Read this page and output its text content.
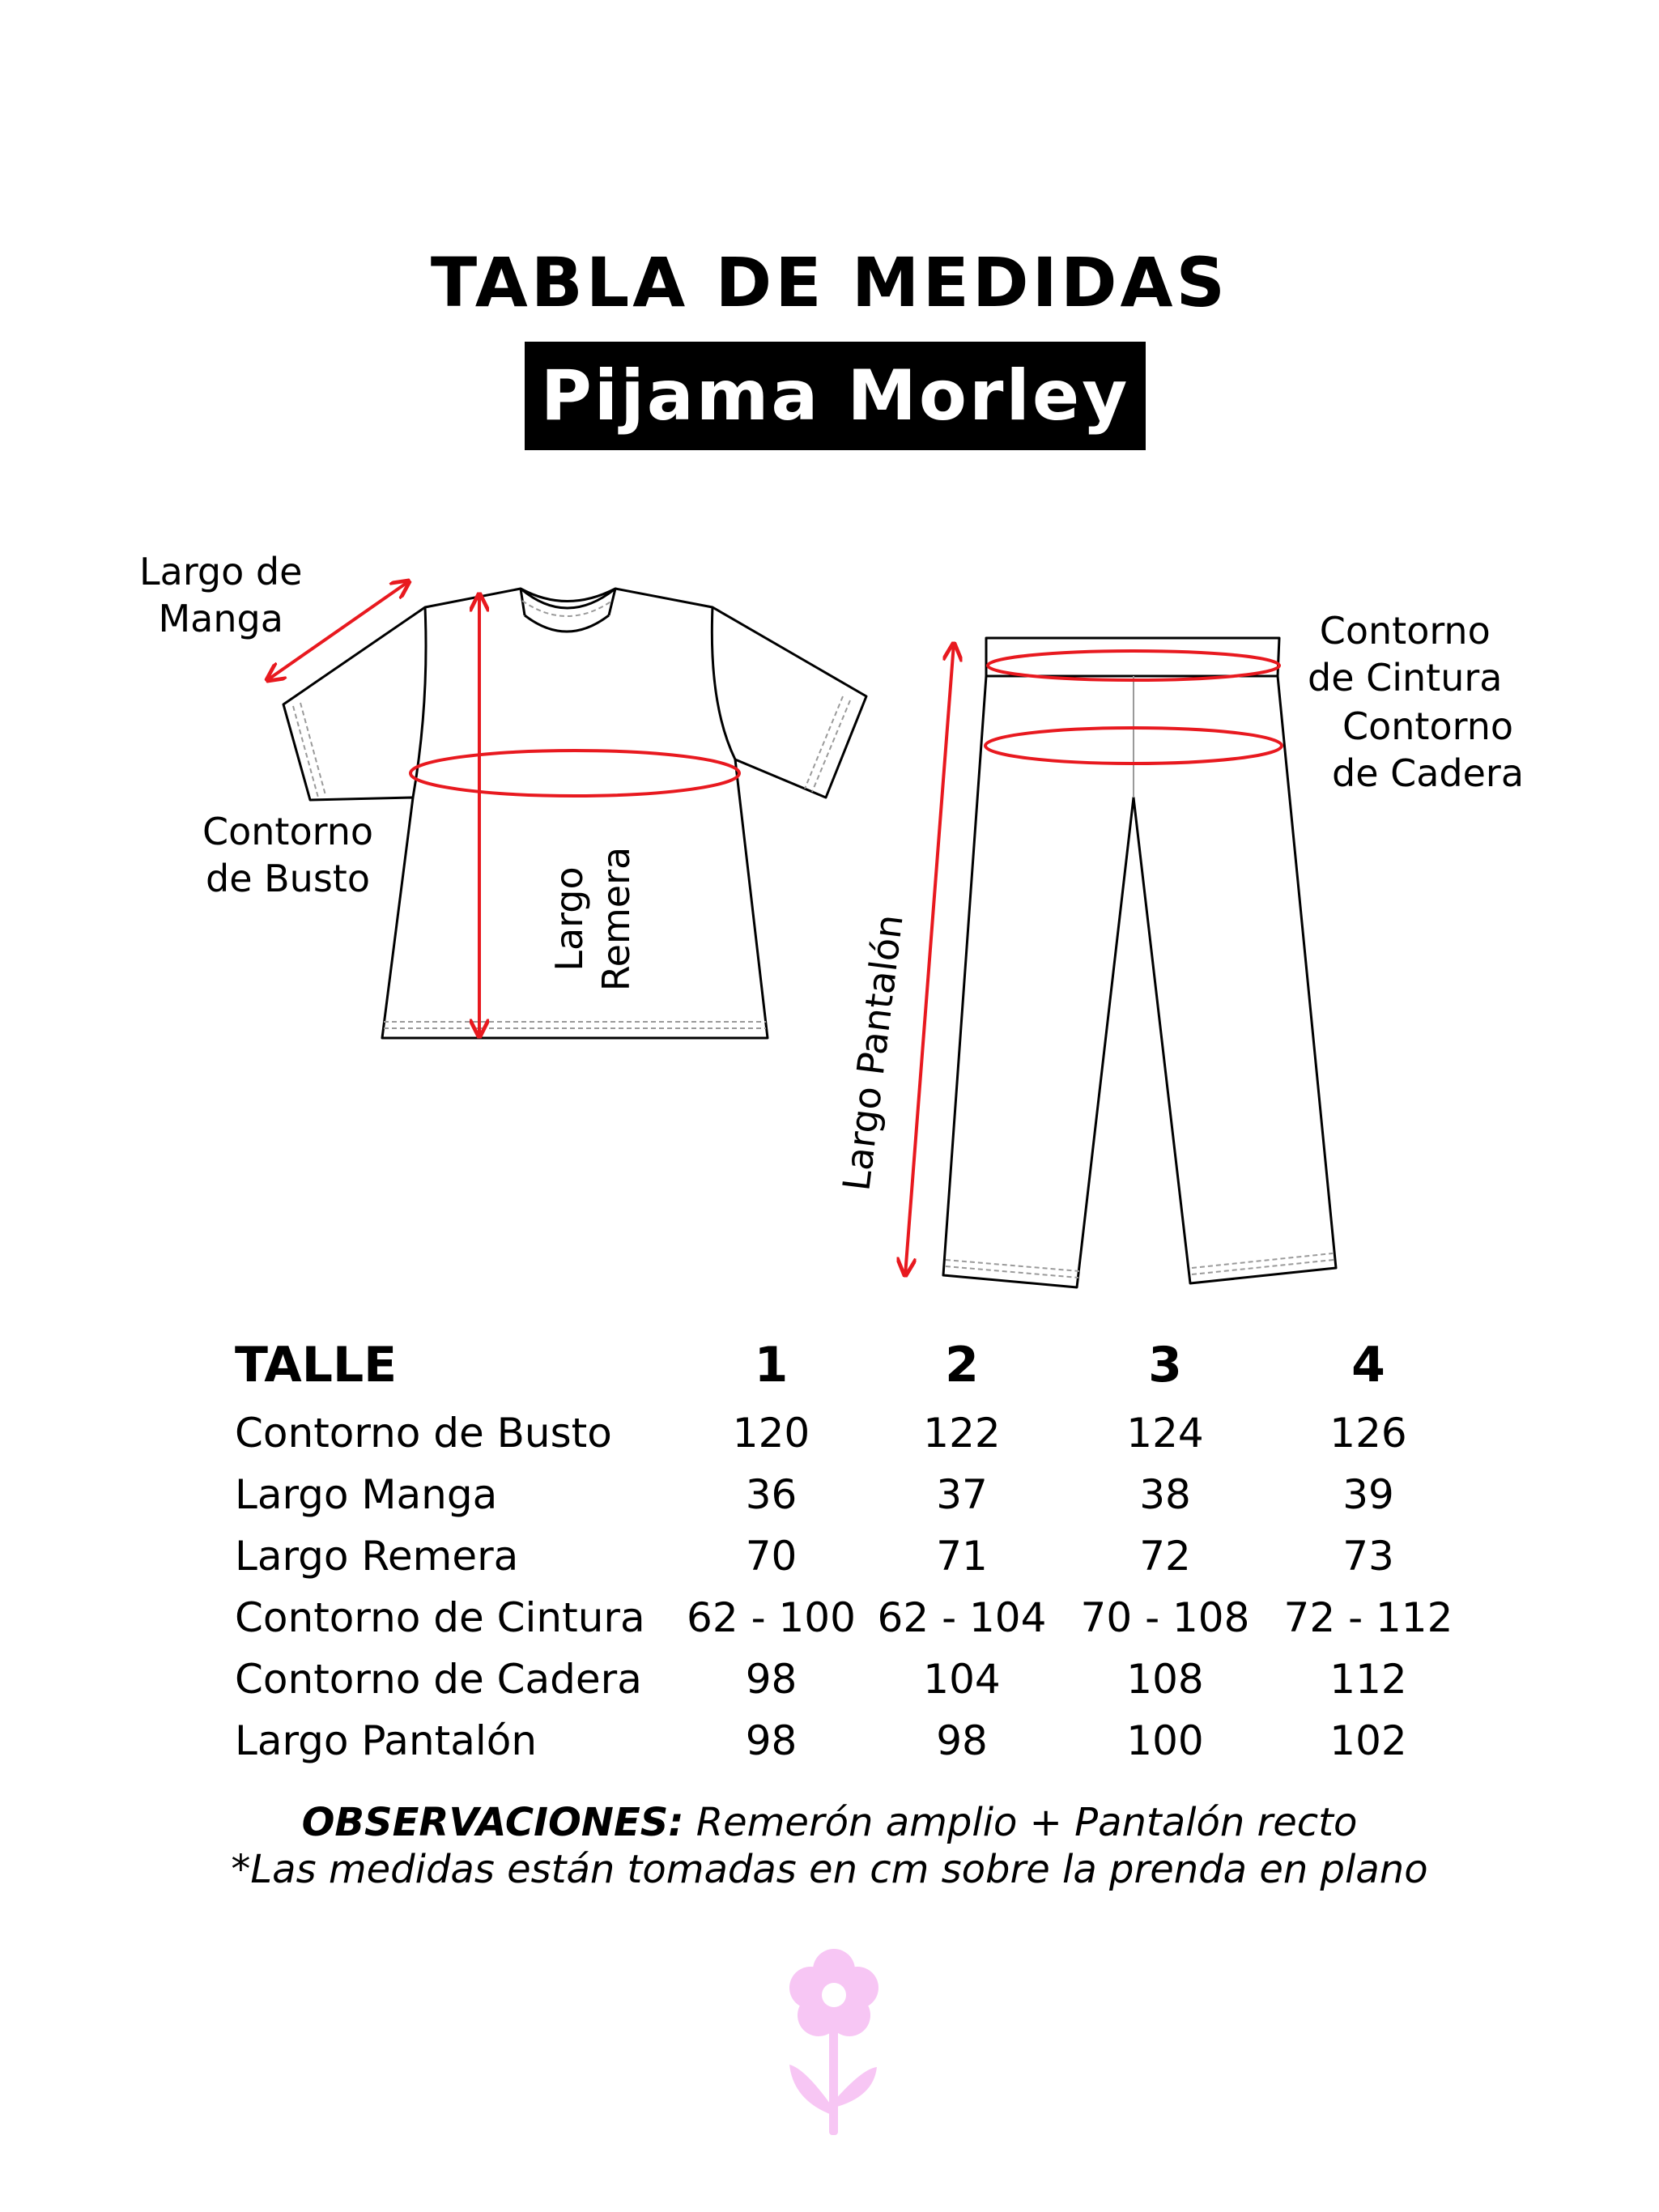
TABLA DE MEDIDAS
Pijama Morley
Largo de
Manga
Contorno
de Busto	Largo Remera
Contorno
de Cintura
Contorno
de Cadera
Largo Pantalón
TALLE	1	2	3	4
Contorno de Busto	120	122	124	126
Largo Manga	36	37	38	39
Largo Remera	70	71	72	73
Contorno de Cintura	62 - 100	62 - 104	70 - 108	72 - 112
Contorno de Cadera	98	104	108	112
Largo Pantalón	98	98	100	102
OBSERVACIONES: Remerón amplio + Pantalón recto
*Las medidas están tomadas en cm sobre la prenda en plano
